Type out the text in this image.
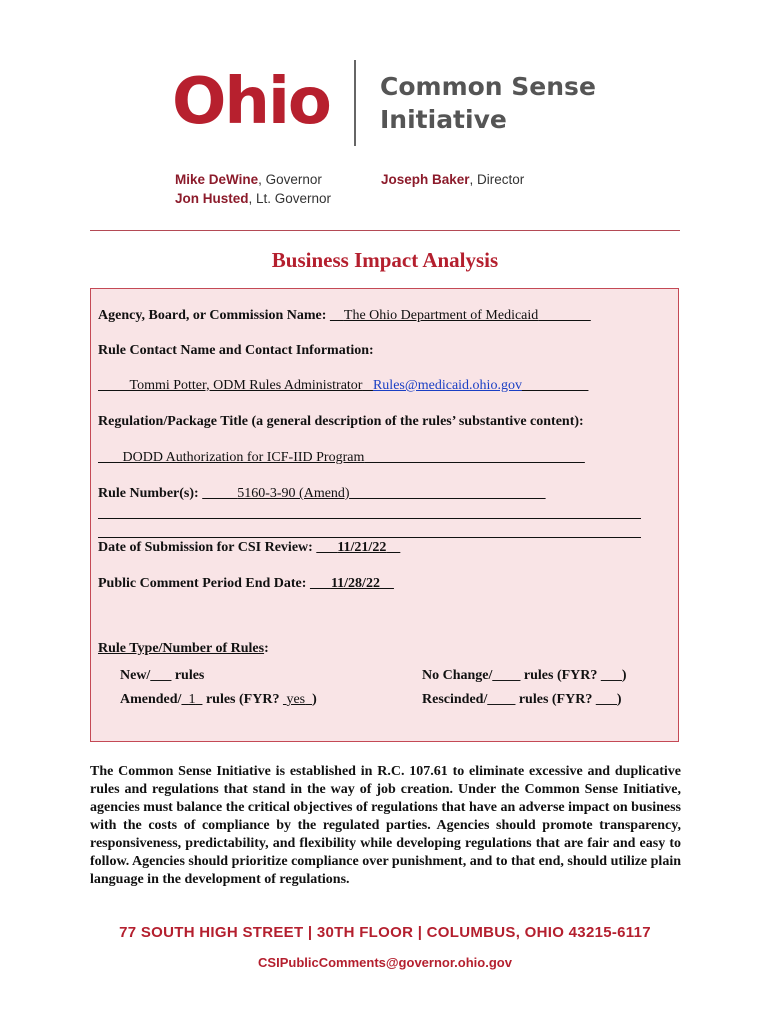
Ohio Common Sense
Initiative
Mike DeWine, Governor
Jon Husted, Lt. Governor
Joseph Baker, Director
Business Impact Analysis
Agency, Board, or Commission Name: The Ohio Department of Medicaid
Rule Contact Name and Contact Information:
Tommi Potter, ODM Rules Administrator Rules@medicaid.ohio.gov
Regulation/Package Title (a general description of the rules’ substantive content):
DODD Authorization for ICF-IID Program
Rule Number(s):	5160-3-90 (Amend)
Date of Submission for CSI Review: 11/21/22
Public Comment Period End Date: 11/28/22
Rule Type/Number of Rules:
New/___ rules
Amended/ 1   rules (FYR?  yes )
No Change/____ rules (FYR? ___)
Rescinded/____ rules (FYR? ___)
The Common Sense Initiative is established in R.C. 107.61 to eliminate excessive and duplicative rules and regulations that stand in the way of job creation. Under the Common Sense Initiative, agencies must balance the critical objectives of regulations that have an adverse impact on business with the costs of compliance by the regulated parties. Agencies should promote transparency, responsiveness, predictability, and flexibility while developing regulations that are fair and easy to follow. Agencies should prioritize compliance over punishment, and to that end, should utilize plain language in the development of regulations.
77 SOUTH HIGH STREET | 30TH FLOOR | COLUMBUS, OHIO 43215-6117
CSIPublicComments@governor.ohio.gov
